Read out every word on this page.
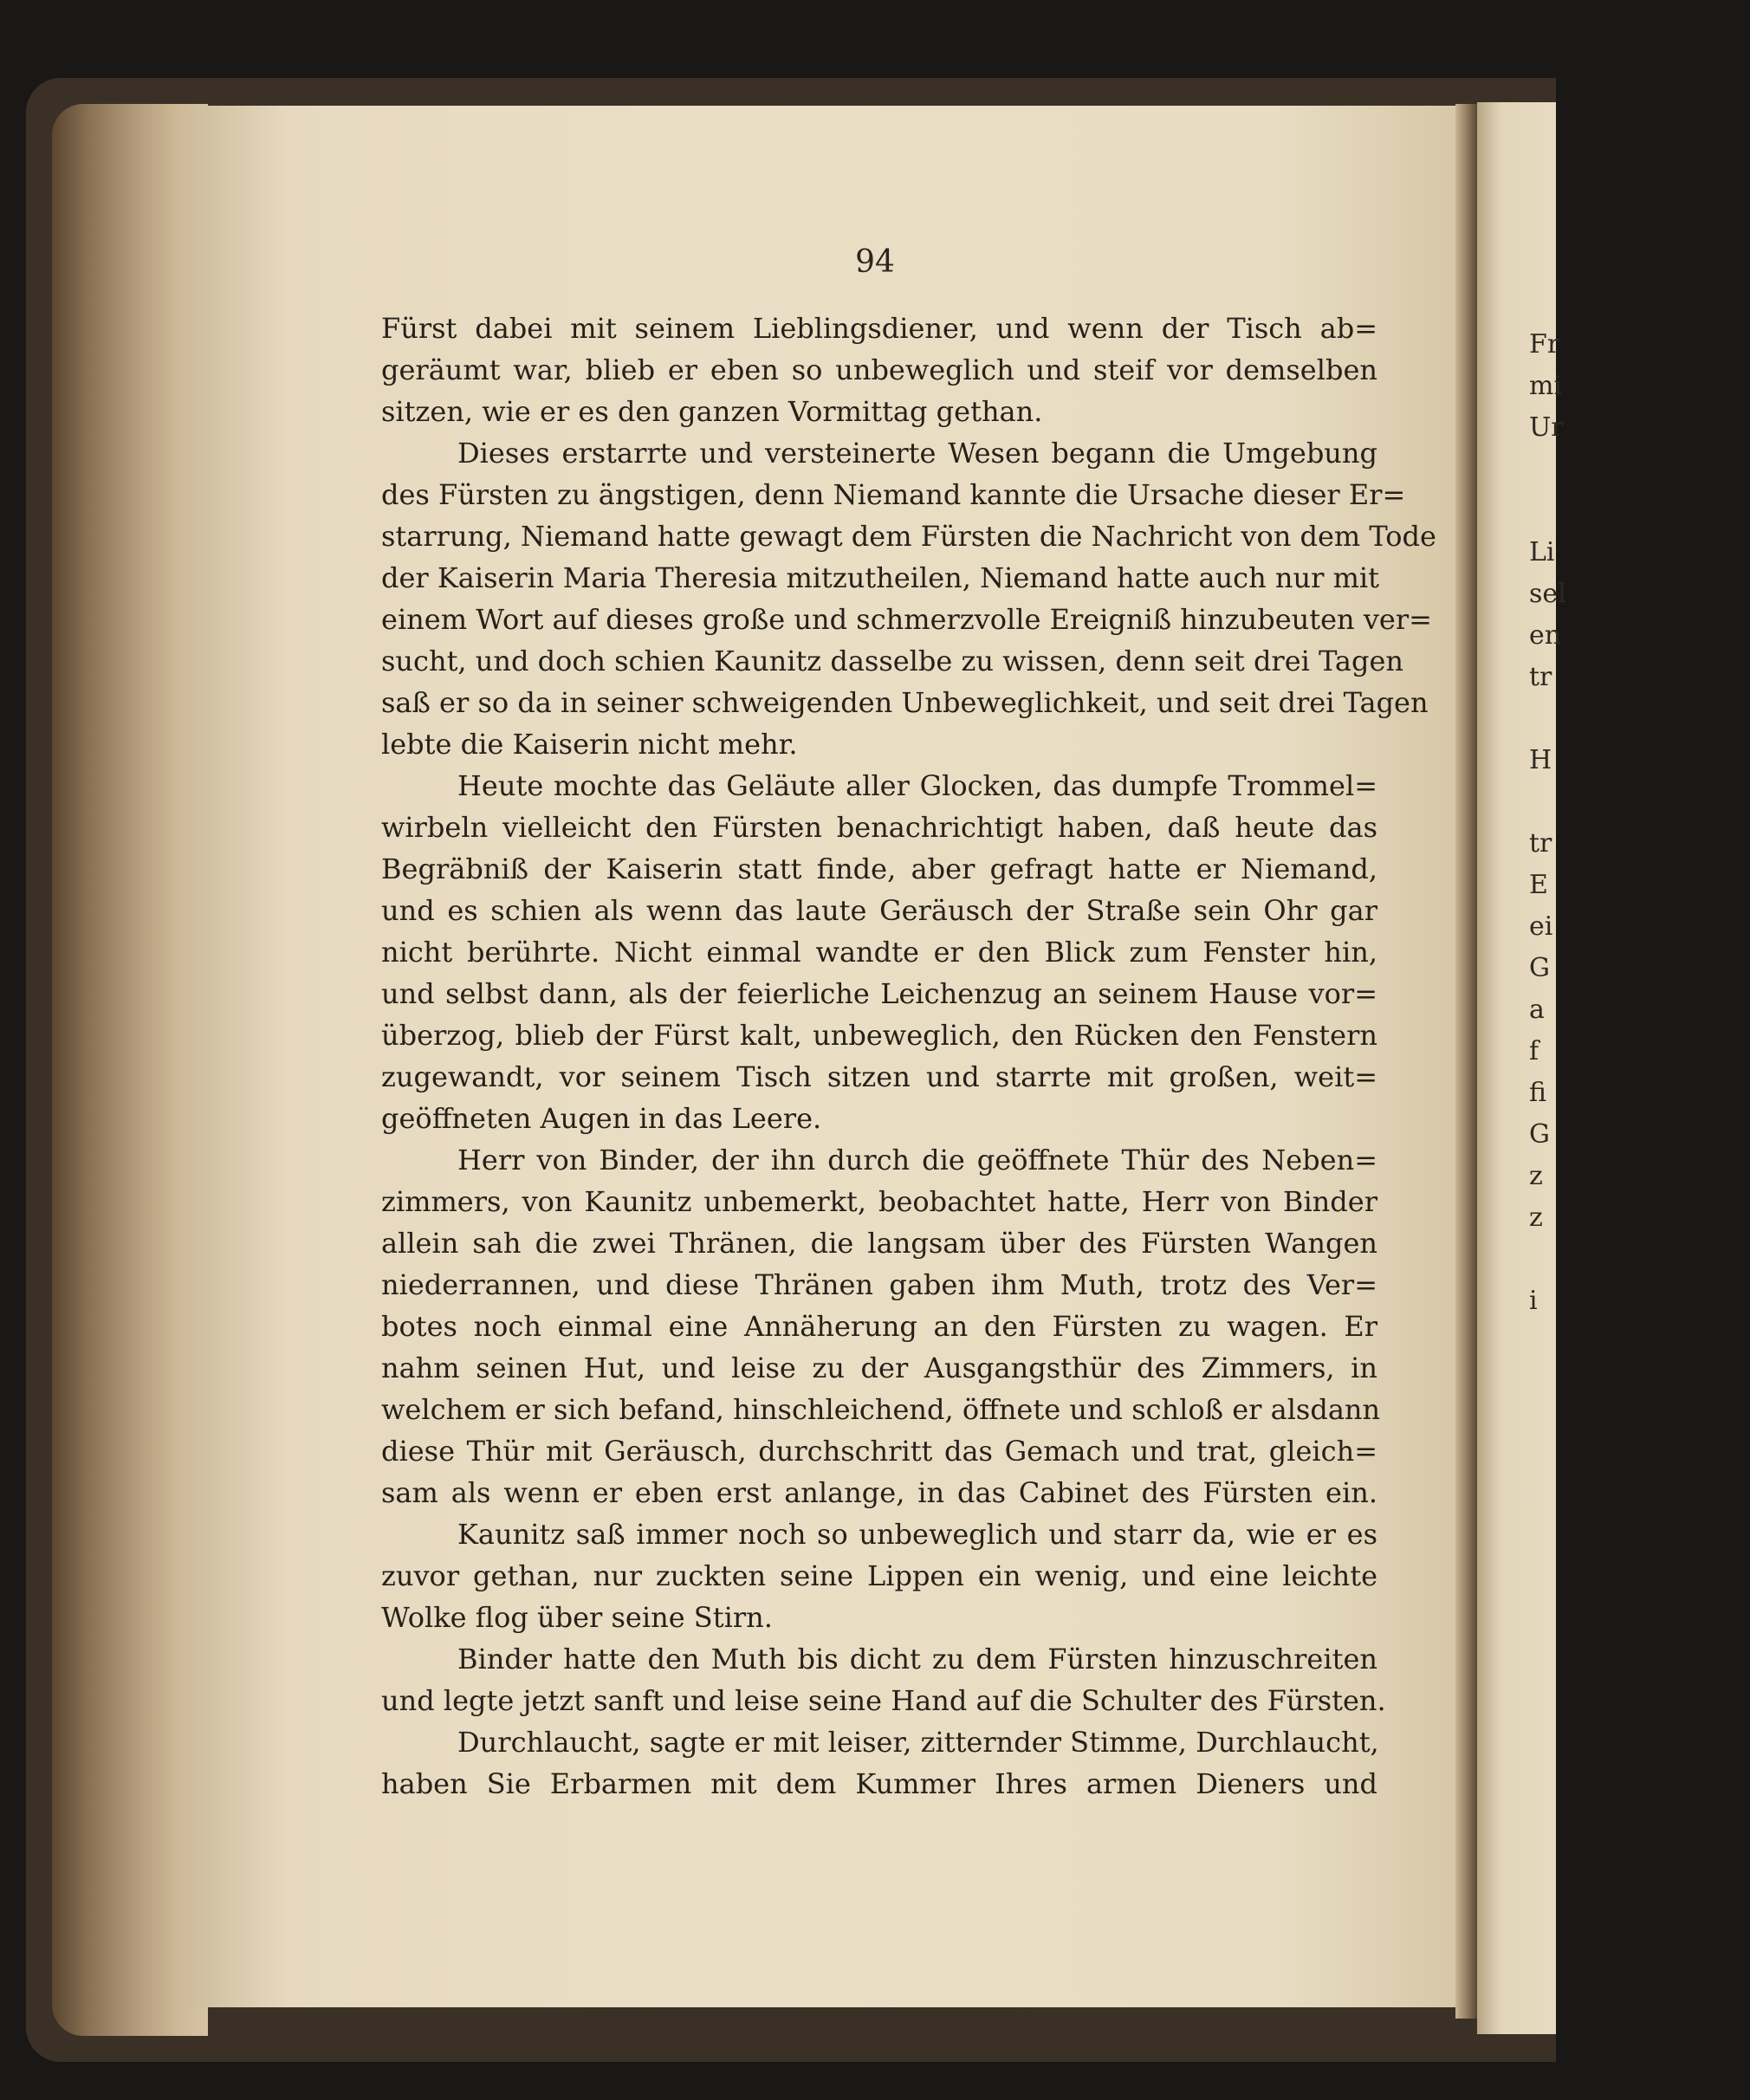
94
Fürst dabei mit seinem Lieblingsdiener, und wenn der Tisch ab=
geräumt war, blieb er eben so unbeweglich und steif vor demselben
sitzen, wie er es den ganzen Vormittag gethan.
Dieses erstarrte und versteinerte Wesen begann die Umgebung
des Fürsten zu ängstigen, denn Niemand kannte die Ursache dieser Er=
starrung, Niemand hatte gewagt dem Fürsten die Nachricht von dem Tode
der Kaiserin Maria Theresia mitzutheilen, Niemand hatte auch nur mit
einem Wort auf dieses große und schmerzvolle Ereigniß hinzubeuten ver=
sucht, und doch schien Kaunitz dasselbe zu wissen, denn seit drei Tagen
saß er so da in seiner schweigenden Unbeweglichkeit, und seit drei Tagen
lebte die Kaiserin nicht mehr.
Heute mochte das Geläute aller Glocken, das dumpfe Trommel=
wirbeln vielleicht den Fürsten benachrichtigt haben, daß heute das
Begräbniß der Kaiserin statt finde, aber gefragt hatte er Niemand,
und es schien als wenn das laute Geräusch der Straße sein Ohr gar
nicht berührte. Nicht einmal wandte er den Blick zum Fenster hin,
und selbst dann, als der feierliche Leichenzug an seinem Hause vor=
überzog, blieb der Fürst kalt, unbeweglich, den Rücken den Fenstern
zugewandt, vor seinem Tisch sitzen und starrte mit großen, weit=
geöffneten Augen in das Leere.
Herr von Binder, der ihn durch die geöffnete Thür des Neben=
zimmers, von Kaunitz unbemerkt, beobachtet hatte, Herr von Binder
allein sah die zwei Thränen, die langsam über des Fürsten Wangen
niederrannen, und diese Thränen gaben ihm Muth, trotz des Ver=
botes noch einmal eine Annäherung an den Fürsten zu wagen. Er
nahm seinen Hut, und leise zu der Ausgangsthür des Zimmers, in
welchem er sich befand, hinschleichend, öffnete und schloß er alsdann
diese Thür mit Geräusch, durchschritt das Gemach und trat, gleich=
sam als wenn er eben erst anlange, in das Cabinet des Fürsten ein.
Kaunitz saß immer noch so unbeweglich und starr da, wie er es
zuvor gethan, nur zuckten seine Lippen ein wenig, und eine leichte
Wolke flog über seine Stirn.
Binder hatte den Muth bis dicht zu dem Fürsten hinzuschreiten
und legte jetzt sanft und leise seine Hand auf die Schulter des Fürsten.
Durchlaucht, sagte er mit leiser, zitternder Stimme, Durchlaucht,
haben Sie Erbarmen mit dem Kummer Ihres armen Dieners und
Fr
mi
Ur
Li
sel
en
tr
H
tr
E
ei
G
a
f
fi
G
z
z
i
